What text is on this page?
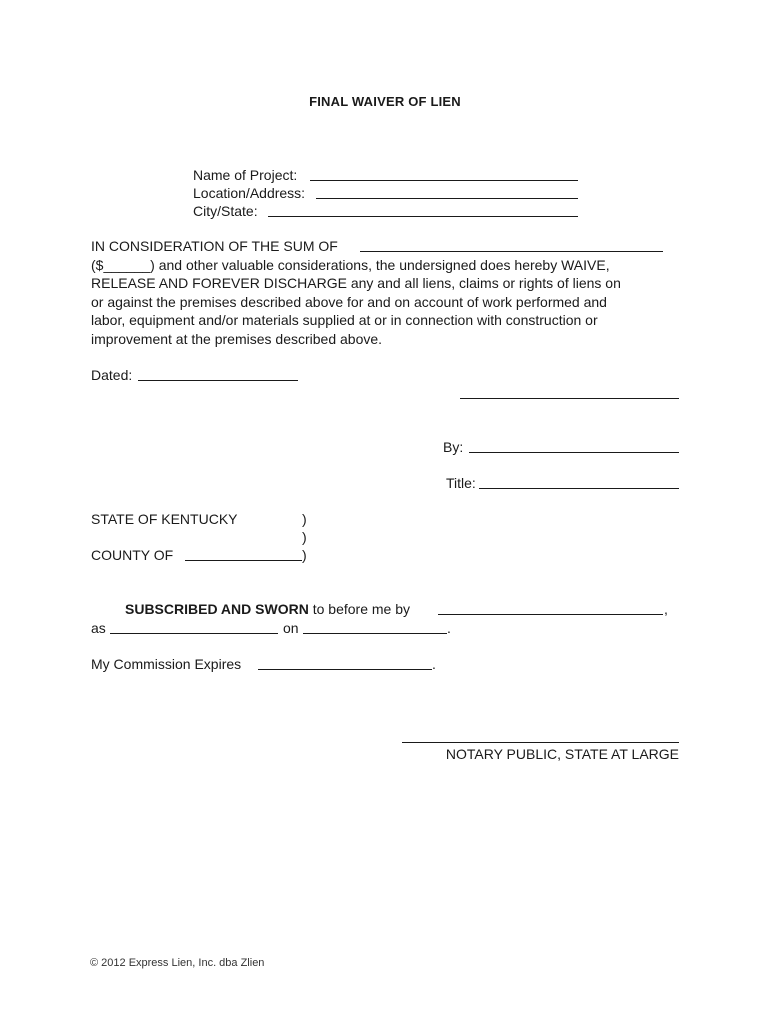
FINAL WAIVER OF LIEN
Name of Project:
Location/Address:
City/State:
IN CONSIDERATION OF THE SUM OF
($______) and other valuable considerations, the undersigned does hereby WAIVE,
RELEASE AND FOREVER DISCHARGE any and all liens, claims or rights of liens on
or against the premises described above for and on account of work performed and
labor, equipment and/or materials supplied at or in connection with construction or
improvement at the premises described above.
Dated:
By:
Title:
STATE OF KENTUCKY	)
)
COUNTY OF	)
SUBSCRIBED AND SWORN to before me by	,
as	on	.
My Commission Expires	.
NOTARY PUBLIC, STATE AT LARGE
© 2012 Express Lien, Inc. dba Zlien
